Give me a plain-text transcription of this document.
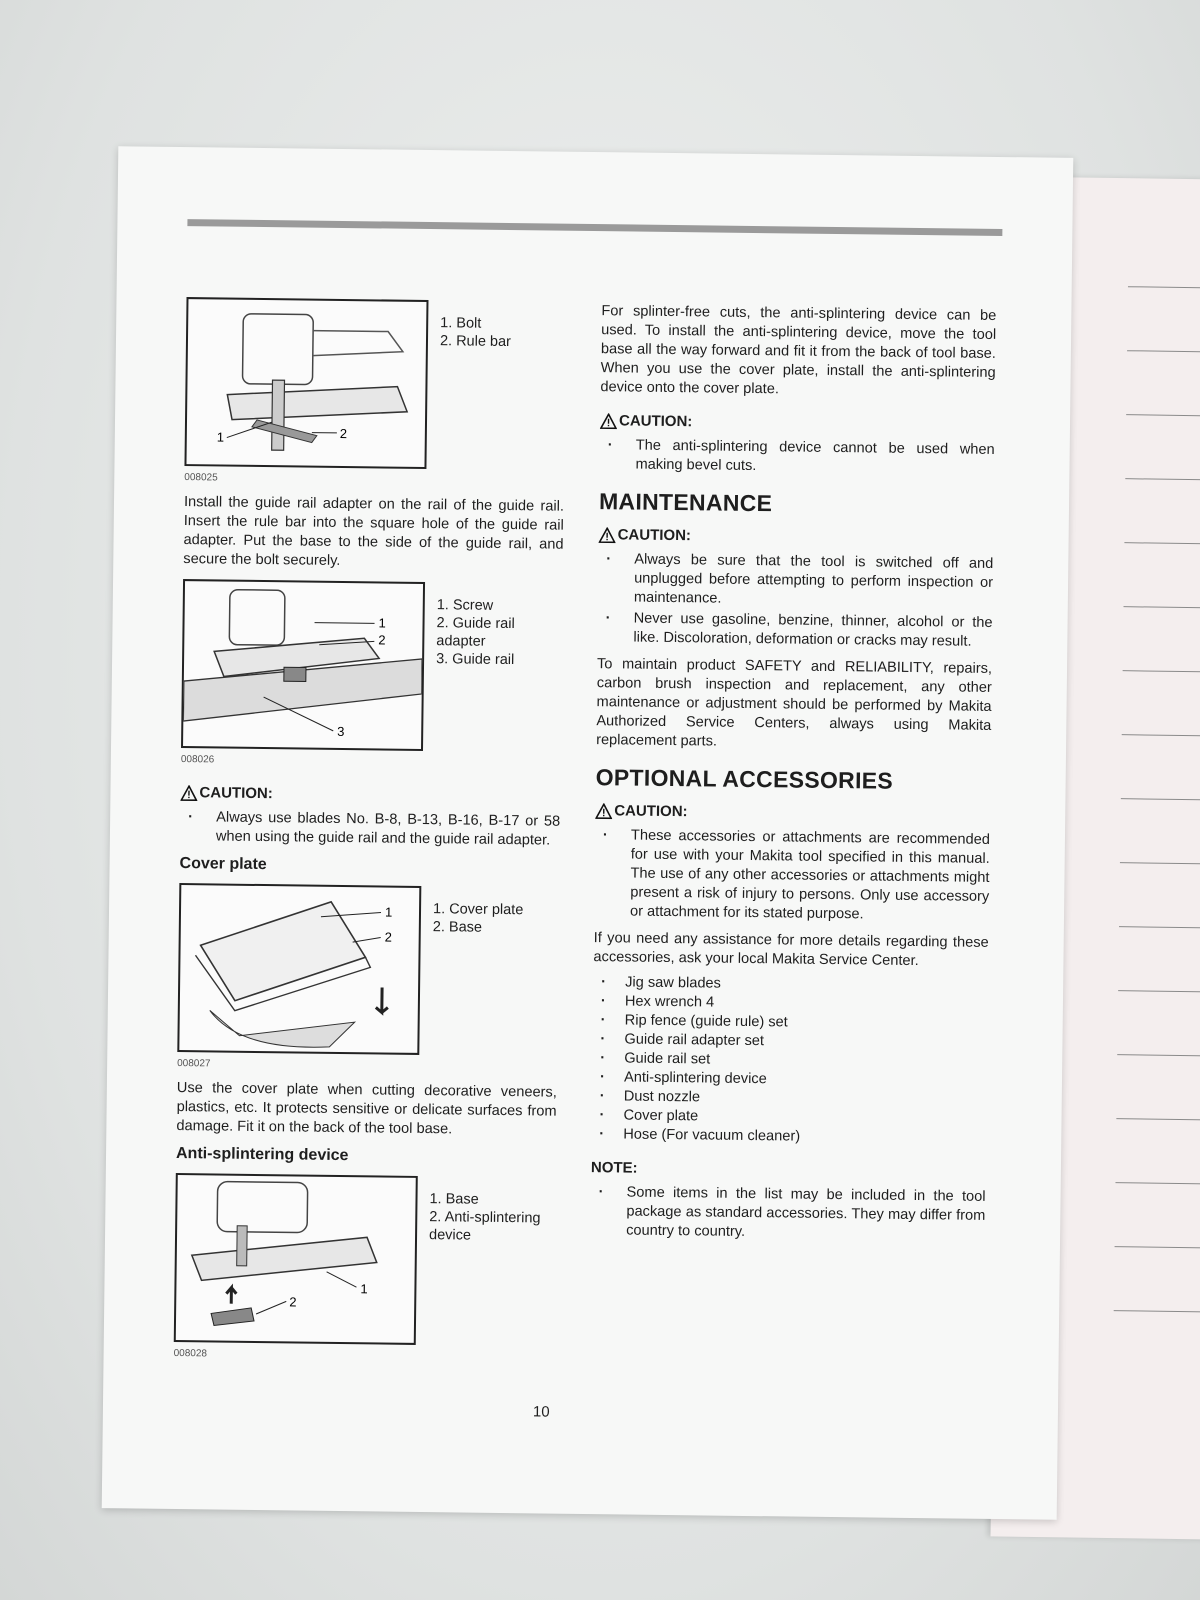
1	2
1. Bolt
2. Rule bar
008025

Install the guide rail adapter on the rail of the guide rail. Insert the rule bar into the square hole of the guide rail adapter. Put the base to the side of the guide rail, and secure the bolt securely.

1
2
3
1. Screw
2. Guide rail adapter
3. Guide rail
008026
CAUTION:
· Always use blades No. B-8, B-13, B-16, B-17 or 58 when using the guide rail and the guide rail adapter.
Cover plate
1
2
1. Cover plate
2. Base
008027

Use the cover plate when cutting decorative veneers, plastics, etc. It protects sensitive or delicate surfaces from damage. Fit it on the back of the tool base.

Anti-splintering device
1
2
1. Base
2. Anti-splintering device
008028

For splinter-free cuts, the anti-splintering device can be used. To install the anti-splintering device, move the tool base all the way forward and fit it from the back of tool base. When you use the cover plate, install the anti-splintering device onto the cover plate.

CAUTION:
· The anti-splintering device cannot be used when making bevel cuts.
MAINTENANCE
CAUTION:
· Always be sure that the tool is switched off and unplugged before attempting to perform inspection or maintenance.
· Never use gasoline, benzine, thinner, alcohol or the like. Discoloration, deformation or cracks may result.

To maintain product SAFETY and RELIABILITY, repairs, carbon brush inspection and replacement, any other maintenance or adjustment should be performed by Makita Authorized Service Centers, always using Makita replacement parts.

OPTIONAL ACCESSORIES
CAUTION:
· These accessories or attachments are recommended for use with your Makita tool specified in this manual. The use of any other accessories or attachments might present a risk of injury to persons. Only use accessory or attachment for its stated purpose.

If you need any assistance for more details regarding these accessories, ask your local Makita Service Center.

· Jig saw blades
· Hex wrench 4
· Rip fence (guide rule) set
· Guide rail adapter set
· Guide rail set
· Anti-splintering device
· Dust nozzle
· Cover plate
· Hose (For vacuum cleaner)
NOTE:
· Some items in the list may be included in the tool package as standard accessories. They may differ from country to country.
10
